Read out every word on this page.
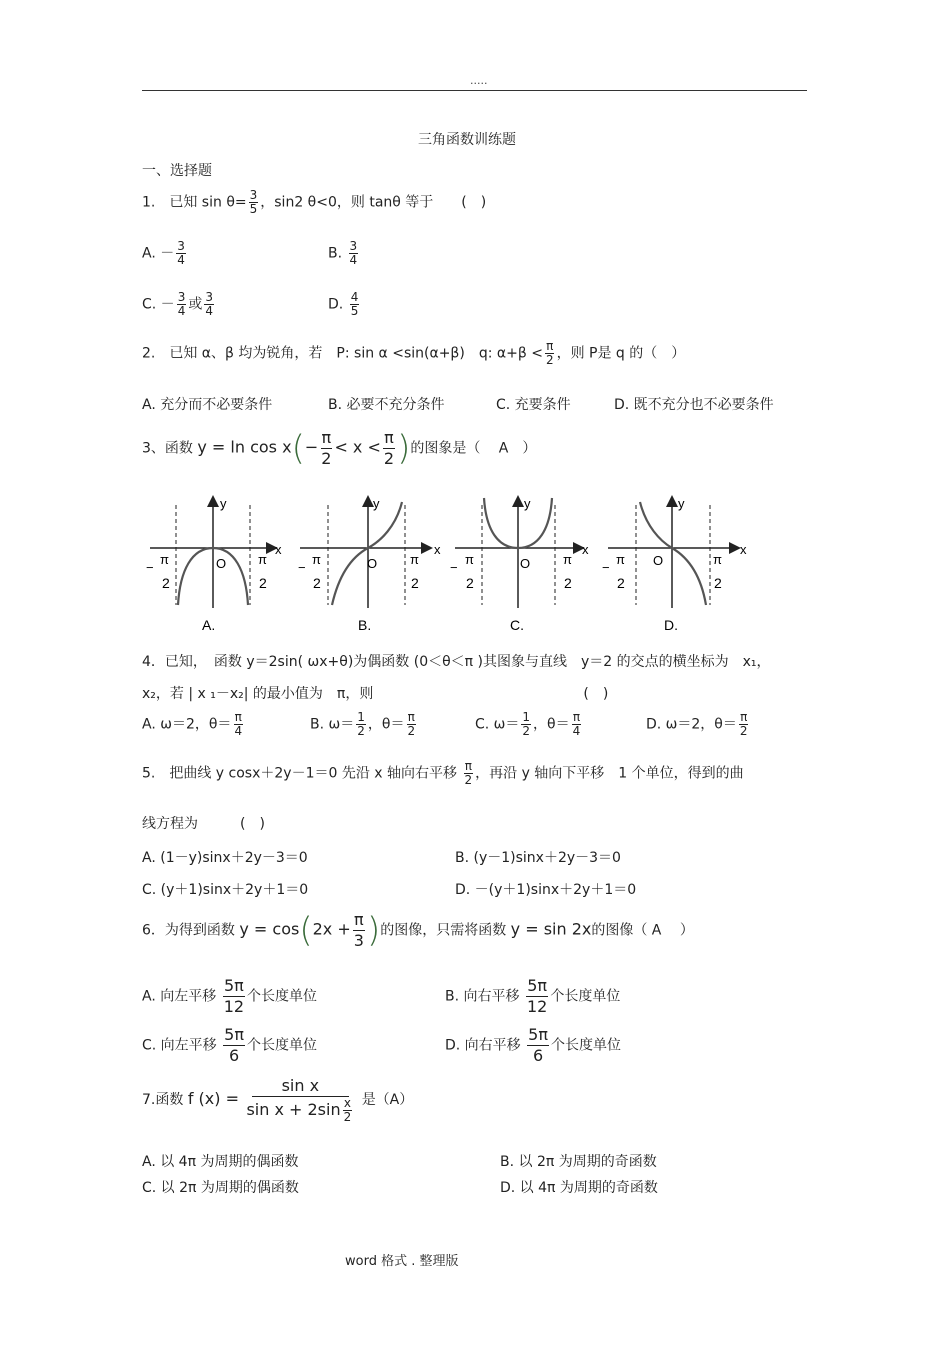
.....
三角函数训练题
一、选择题
1.　已知 $\sin \theta= \frac{3}{5}$ ，sin2 θ<0，则 tanθ 等于　　(　)
A. － $\frac{3}{4}$	B. $\frac{3}{4}$
C. － $\frac{3}{4}$ 或 $\frac{3}{4}$	D. $\frac{4}{5}$
2.　已知 α、β 均为锐角，若　P: sin α <sin(α+β)　q: $\alpha+\beta < \frac{\pi}{2}$ ，则 P是 q 的（　）
A. 充分而不必要条件	B. 必要不充分条件	C. 充要条件	D. 既不充分也不必要条件
3、函数 $y = \ln \cos x(- \frac{\pi}{2} < x < \frac{\pi}{2}$ )的图象是（　 A　）
y
x
O
−
π
2
π
2
A.
y
x
O
−
π
2
π
2
B.
y
x
O
−
π
2
π
2
C.
y
x
O
−
π
2
π
2
D.
4．已知，　函数 y＝2sin( ωx+θ)为偶函数 (0＜θ＜π )其图象与直线　y＝2 的交点的横坐标为　x₁，
x₂，若 | x ₁－x₂| 的最小值为　π，则　　　　　　　　　　　　　　　(　)
A. ω＝2，$\theta= \frac{\pi}{4}$	B. $\omega= \frac{1}{2}$ ，$\theta= \frac{\pi}{2}$	C. $\omega= \frac{1}{2}$ ，$\theta= \frac{\pi}{4}$	D. ω＝2，$\theta= \frac{\pi}{2}$
5.　把曲线 y cosx＋2y－1＝0 先沿 x 轴向右平移 $\frac{\pi}{2}$ ，再沿 y 轴向下平移　1 个单位，得到的曲
线方程为　　　(　)
A. (1－y)sinx＋2y－3＝0	B. (y－1)sinx＋2y－3＝0
C. (y＋1)sinx＋2y＋1＝0	D. －(y＋1)sinx＋2y＋1＝0
6．为得到函数 $y = \cos(2x + \frac{\pi}{3}$ )的图像，只需将函数 y = sin 2x的图像（ A　 ）
A. 向左平移 $\frac{5\pi}{12}$ 个长度单位	B. 向右平移 $\frac{5\pi}{12}$ 个长度单位
C. 向左平移 $\frac{5\pi}{6}$ 个长度单位	D. 向右平移 $\frac{5\pi}{6}$ 个长度单位
7.函数 f $(x) = \frac{\text{sin x}}{\sin x + 2\sin \frac{x}{2}}$ 是（A）
A. 以 4π 为周期的偶函数	B. 以 2π 为周期的奇函数
C. 以 2π 为周期的偶函数	D. 以 4π 为周期的奇函数
word 格式 . 整理版
